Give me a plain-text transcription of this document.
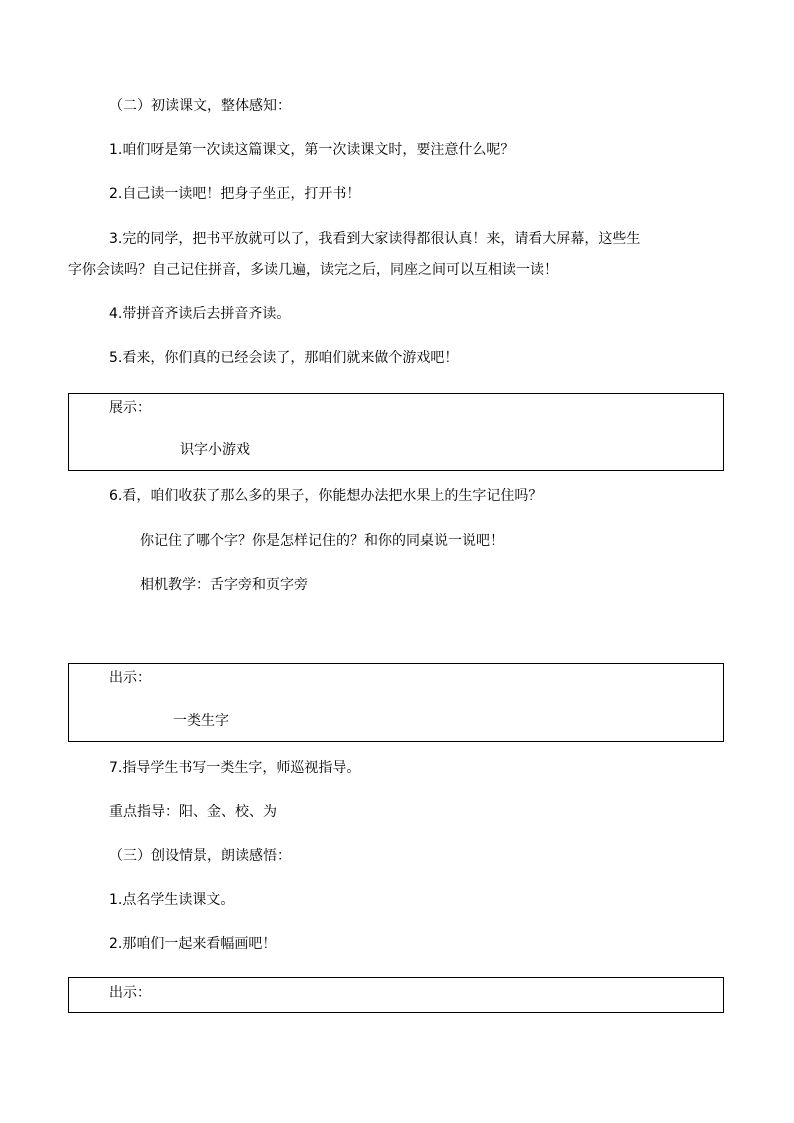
（二）初读课文，整体感知：
1.咱们呀是第一次读这篇课文，第一次读课文时，要注意什么呢？
2.自己读一读吧！把身子坐正，打开书！
3.完的同学，把书平放就可以了，我看到大家读得都很认真！来，请看大屏幕，这些生
字你会读吗？自己记住拼音，多读几遍，读完之后，同座之间可以互相读一读！
4.带拼音齐读后去拼音齐读。
5.看来，你们真的已经会读了，那咱们就来做个游戏吧！
展示：
识字小游戏
6.看，咱们收获了那么多的果子，你能想办法把水果上的生字记住吗？
你记住了哪个字？你是怎样记住的？和你的同桌说一说吧！
相机教学：舌字旁和页字旁
出示：
一类生字
7.指导学生书写一类生字，师巡视指导。
重点指导：阳、金、校、为
（三）创设情景，朗读感悟：
1.点名学生读课文。
2.那咱们一起来看幅画吧！
出示：
